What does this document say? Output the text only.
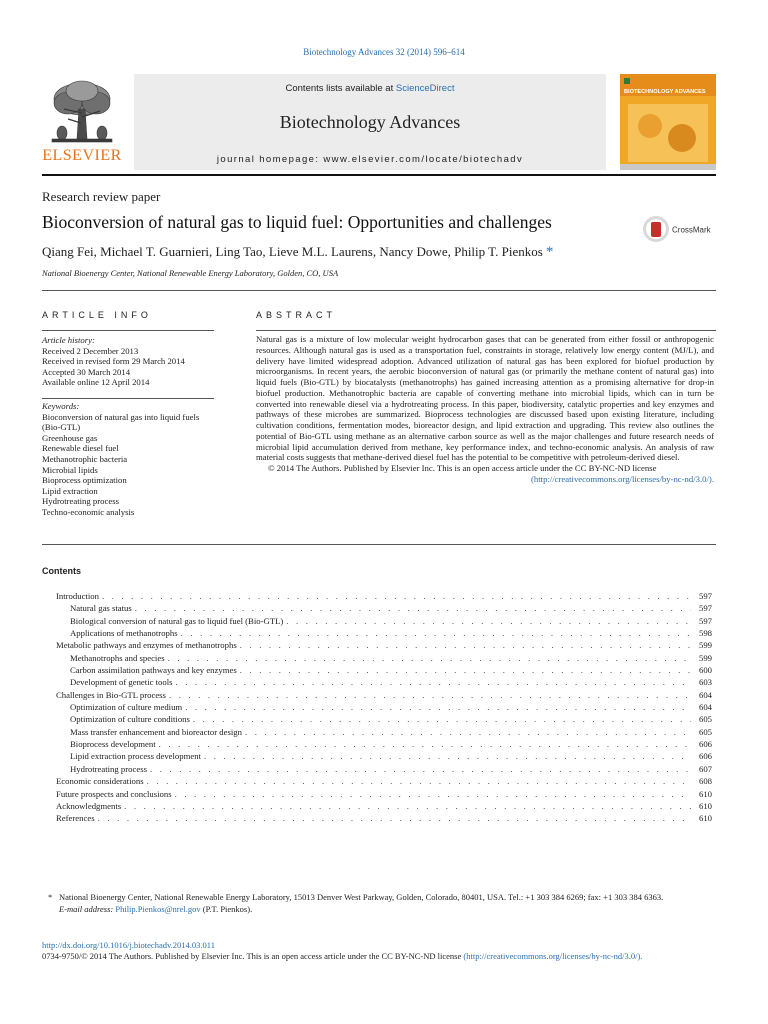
Biotechnology Advances 32 (2014) 596–614
ELSEVIER
Contents lists available at ScienceDirect
Biotechnology Advances
journal homepage: www.elsevier.com/locate/biotechadv
BIOTECHNOLOGY ADVANCES
Research review paper
Bioconversion of natural gas to liquid fuel: Opportunities and challenges	CrossMark
Qiang Fei, Michael T. Guarnieri, Ling Tao, Lieve M.L. Laurens, Nancy Dowe, Philip T. Pienkos *
National Bioenergy Center, National Renewable Energy Laboratory, Golden, CO, USA
ARTICLE INFO	ABSTRACT
Article history:
Received 2 December 2013
Received in revised form 29 March 2014
Accepted 30 March 2014
Available online 12 April 2014
Keywords:
Bioconversion of natural gas into liquid fuels
(Bio-GTL)
Greenhouse gas
Renewable diesel fuel
Methanotrophic bacteria
Microbial lipids
Bioprocess optimization
Lipid extraction
Hydrotreating process
Techno-economic analysis

Natural gas is a mixture of low molecular weight hydrocarbon gases that can be generated from either fossil or anthropogenic resources. Although natural gas is used as a transportation fuel, constraints in storage, relatively low energy content (MJ/L), and delivery have limited widespread adoption. Advanced utilization of natural gas has been explored for biofuel production by microorganisms. In recent years, the aerobic bioconversion of natural gas (or primarily the methane content of natural gas) into liquid fuels (Bio-GTL) by biocatalysts (methanotrophs) has gained increasing attention as a promising alternative for drop-in biofuel production. Methanotrophic bacteria are capable of converting methane into microbial lipids, which can in turn be converted into renewable diesel via a hydrotreating process. In this paper, biodiversity, catalytic properties and key enzymes and pathways of these microbes are summarized. Bioprocess technologies are discussed based upon existing literature, including cultivation conditions, fermentation modes, bioreactor design, and lipid extraction and upgrading. This review also outlines the potential of Bio-GTL using methane as an alternative carbon source as well as the major challenges and future research needs of microbial lipid accumulation derived from methane, key performance index, and techno-economic analysis. An analysis of raw material costs suggests that methane-derived diesel fuel has the potential to be competitive with petroleum-derived diesel.

© 2014 The Authors. Published by Elsevier Inc. This is an open access article under the CC BY-NC-ND license

(http://creativecommons.org/licenses/by-nc-nd/3.0/).

Contents
Introduction . . .	597
Natural gas status . . .	597
Biological conversion of natural gas to liquid fuel (Bio-GTL) . . .	597
Applications of methanotrophs . . .	598
Metabolic pathways and enzymes of methanotrophs . . .	599
Methanotrophs and species . . .	599
Carbon assimilation pathways and key enzymes . . .	600
Development of genetic tools . . .	603
Challenges in Bio-GTL process . . .	604
Optimization of culture medium . . .	604
Optimization of culture conditions . . .	605
Mass transfer enhancement and bioreactor design . . .	605
Bioprocess development . . .	606
Lipid extraction process development . . .	606
Hydrotreating process . . .	607
Economic considerations . . .	608
Future prospects and conclusions . . .	610
Acknowledgments . . .	610
References . . .	610
* National Bioenergy Center, National Renewable Energy Laboratory, 15013 Denver West Parkway, Golden, Colorado, 80401, USA. Tel.: +1 303 384 6269; fax: +1 303 384 6363.
E-mail address: Philip.Pienkos@nrel.gov (P.T. Pienkos).
http://dx.doi.org/10.1016/j.biotechadv.2014.03.011
0734-9750/© 2014 The Authors. Published by Elsevier Inc. This is an open access article under the CC BY-NC-ND license (http://creativecommons.org/licenses/by-nc-nd/3.0/).
